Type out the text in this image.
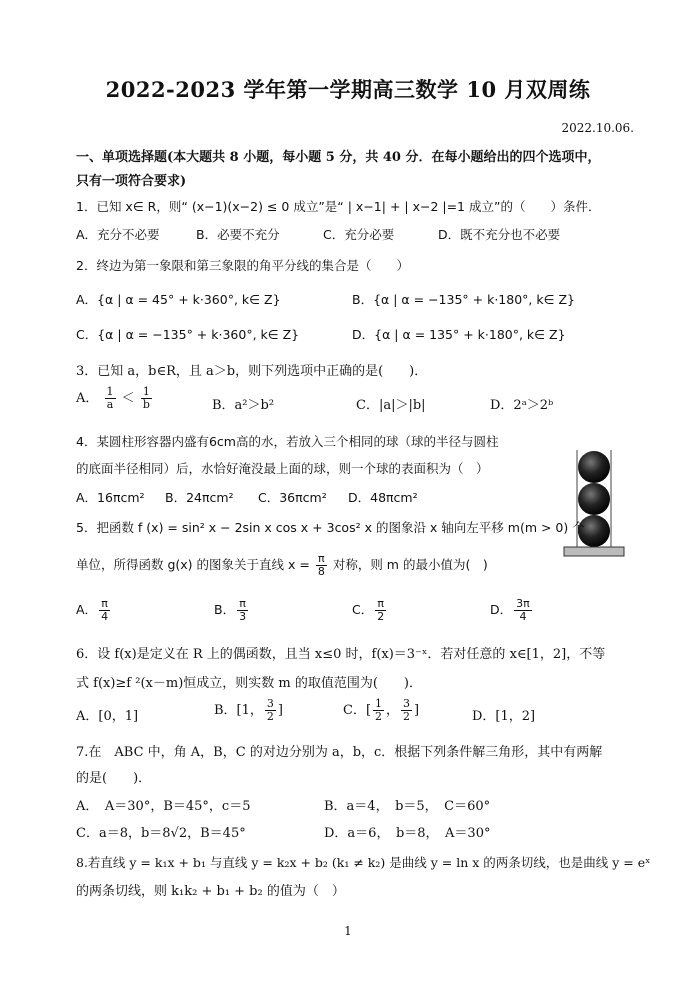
2022-2023 学年第一学期高三数学 10 月双周练
2022.10.06.
一、单项选择题(本大题共 8 小题，每小题 5 分，共 40 分．在每小题给出的四个选项中，
只有一项符合要求)
1．已知 x∈ R，则“ (x−1)(x−2) ≤ 0 成立”是“ | x−1| + | x−2 |=1 成立”的（　　）条件．
A．充分不必要	B．必要不充分	C．充分必要	D．既不充分也不必要
2．终边为第一象限和第三象限的角平分线的集合是（　　）
A．{α | α = 45° + k·360°, k∈ Z}	B．{α | α = −135° + k·180°, k∈ Z}
C．{α | α = −135° + k·360°, k∈ Z}	D．{α | α = 135° + k·180°, k∈ Z}
3．已知 a，b∈R，且 a＞b，则下列选项中正确的是(　　)．
A． $\frac{1}{a} < \frac{1}{b}$	B．a²＞b²	C．|a|＞|b|	D．2ᵃ＞2ᵇ
4．某圆柱形容器内盛有6cm高的水，若放入三个相同的球（球的半径与圆柱
的底面半径相同）后，水恰好淹没最上面的球，则一个球的表面积为（　）
A．16πcm² B．24πcm² C．36πcm² D．48πcm²
5．把函数 f (x) = sin² x − 2sin x cos x + 3cos² x 的图象沿 x 轴向左平移 m(m > 0) 个
单位，所得函数 g(x) 的图象关于直线 $x = \frac{\pi}{8}$ 对称，则 m 的最小值为(　)
A． $\frac{\pi}{4}$	B． $\frac{\pi}{3}$	C． $\frac{\pi}{2}$	D． $\frac{3\pi}{4}$
6．设 f(x)是定义在 R 上的偶函数，且当 x≤0 时，f(x)＝3⁻ˣ．若对任意的 x∈[1，2]，不等
式 f(x)≥f ²(x－m)恒成立，则实数 m 的取值范围为(　　)．
A．[0，1]	B．[1， $\frac{3}{2}$ ]	C．[ $\frac{1}{2}$ ， $\frac{3}{2}$ ]	D．[1，2]
7.在　ABC 中，角 A，B，C 的对边分别为 a，b，c．根据下列条件解三角形，其中有两解
的是(　　)．
A．　A＝30°，B＝45°，c＝5	B．a＝4，　b＝5，　C＝60°
C．a＝8，b＝8√2，B＝45°	D．a＝6，　b＝8，　A＝30°
8.若直线 y = k₁x + b₁ 与直线 y = k₂x + b₂ (k₁ ≠ k₂) 是曲线 y = ln x 的两条切线，也是曲线 y = eˣ
的两条切线，则 k₁k₂ + b₁ + b₂ 的值为（　）
1
